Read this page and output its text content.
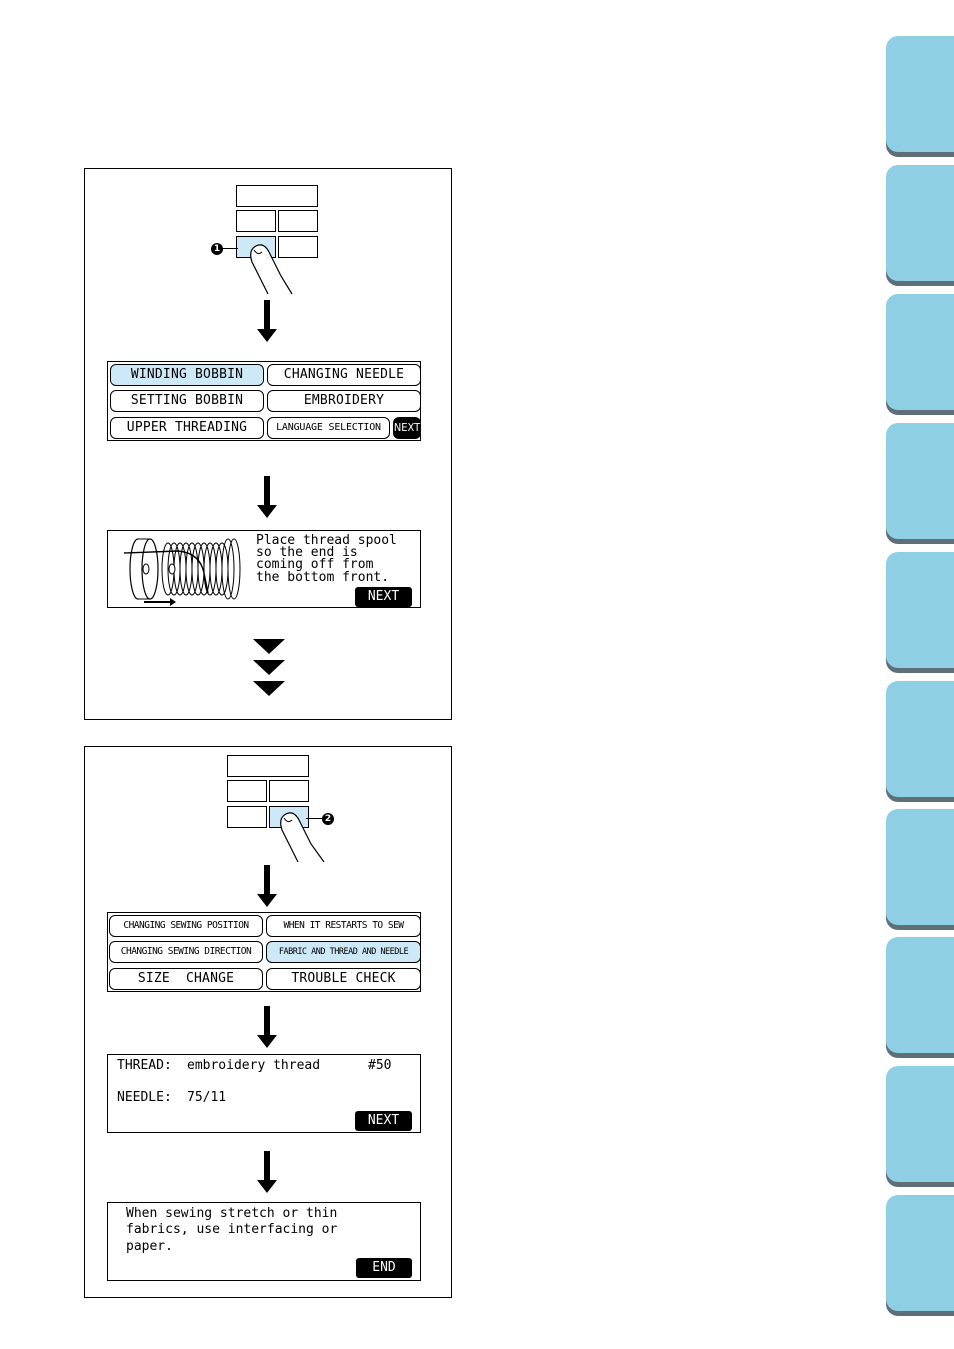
1
WINDING BOBBIN	CHANGING NEEDLE
SETTING BOBBIN	EMBROIDERY
UPPER THREADING	LANGUAGE SELECTION	NEXT
Place thread spool
so the end is
coming off from
the bottom front.
NEXT
2
CHANGING SEWING POSITION	WHEN IT RESTARTS TO SEW
CHANGING SEWING DIRECTION	FABRIC AND THREAD AND NEEDLE
SIZE  CHANGE	TROUBLE CHECK
THREAD: embroidery thread	#50
NEEDLE: 75/11
NEXT
When sewing stretch or thin
fabrics, use interfacing or
paper.
END
